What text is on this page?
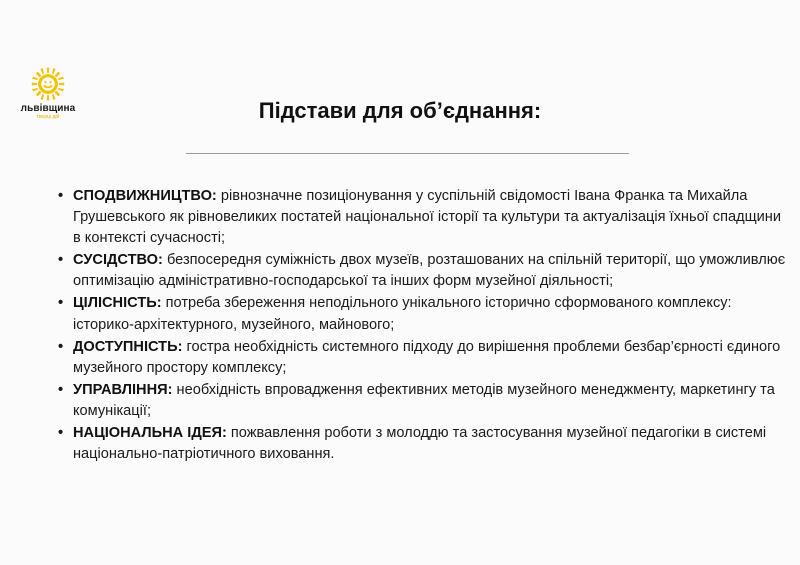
львівщина
творці дій	Підстави для об’єднання:
• СПОДВИЖНИЦТВО: рівнозначне позиціонування у суспільній свідомості Івана Франка та Михайла Грушевського як рівновеликих постатей національної історії та культури та актуалізація їхньої спадщини в контексті сучасності;
• СУСІДСТВО: безпосередня суміжність двох музеїв, розташованих на спільній території, що уможливлює оптимізацію адміністративно-господарської та інших форм музейної діяльності;
• ЦІЛІСНІСТЬ: потреба збереження неподільного унікального історично сформованого комплексу: історико-архітектурного, музейного, майнового;
• ДОСТУПНІСТЬ: гостра необхідність системного підходу до вирішення проблеми безбар’єрності єдиного музейного простору комплексу;
• УПРАВЛІННЯ: необхідність впровадження ефективних методів музейного менеджменту, маркетингу та комунікації;
• НАЦІОНАЛЬНА ІДЕЯ: пожвавлення роботи з молоддю та застосування музейної педагогіки в системі національно-патріотичного виховання.
